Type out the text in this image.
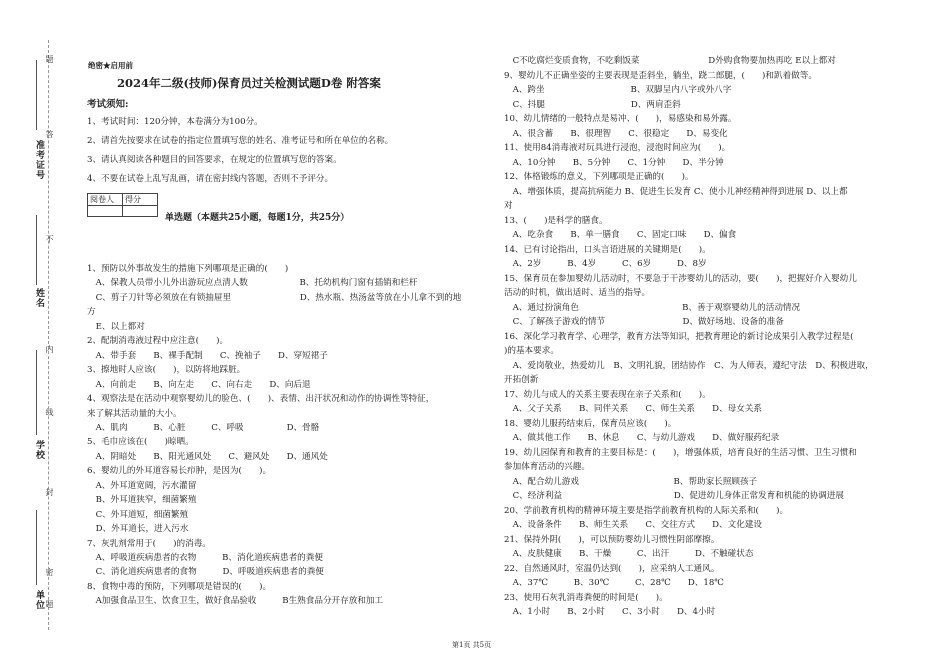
题
答
不
内
线
封
密
题
准考证号
姓名
学校
单位
绝密★启用前
2024年二级(技师)保育员过关检测试题D卷 附答案
考试须知:
1、考试时间：120分钟，本卷满分为100分。
2、请首先按要求在试卷的指定位置填写您的姓名、准考证号和所在单位的名称。
3、请认真阅读各种题目的回答要求，在规定的位置填写您的答案。
4、不要在试卷上乱写乱画，请在密封线内答题，否则不予评分。
阅卷人	得分

单选题（本题共25小题，每题1分，共25分）
1、预防以外事故发生的措施下列哪项是正确的(　　)
　A、保教人员带小儿外出游玩应点清人数　　　　　　B、托幼机构门窗有插销和栏杆
　C、剪子刀针等必须放在有锁抽屉里　　　　　　　　D、热水瓶、热汤盆等放在小儿拿不到的地
方
　E、以上都对
2、配制消毒液过程中应注意(　　)。
　A、带手套　　B、裸手配制　　C、挽袖子　　D、穿短裙子
3、擦地时人应该(　　)，以防将地踩脏。
　A、向前走　　B、向左走　　C、向右走　　D、向后退
4、观察法是在活动中观察婴幼儿的脸色、(　　)、表情、出汗状况和动作的协调性等特征，
来了解其活动量的大小。
　A、肌肉　　　B、心脏　　　C、呼吸　　　　　D、骨骼
5、毛巾应该在(　　)晾晒。
　A、阴暗处　　B、阳光通风处　　C、避风处　　D、通风处
6、婴幼儿的外耳道容易长疖肿，是因为(　　)。
　A、外耳道宽阔，污水灌留
　B、外耳道狭窄，细菌繁殖
　C、外耳道短，细菌繁殖
　D、外耳道长，进入污水
7、灰乳剂常用于(　　)的消毒。
　A、呼吸道疾病患者的衣物　　　B、消化道疾病患者的粪便
　C、消化道疾病患者的食物　　　D、呼吸道疾病患者的粪便
8、食物中毒的预防，下列哪项是错误的(　　)。
　A加强食品卫生、饮食卫生，做好食品验收　　　B生熟食品分开存放和加工
　C不吃腐烂变质食物，不吃剩饭菜　　　　　　　　D外购食物要加热再吃 E以上都对
9、婴幼儿不正确坐姿的主要表现是歪斜坐，躺坐，跷二郎腿，(　　)和趴着做等。
　A、跨坐　　　　　　　　　　B、双脚呈内八字或外八字
　C、抖腿　　　　　　　　　　D、两肩歪斜
10、幼儿情绪的一般特点是易冲、(　　)，易感染和易外露。
　A、很含蓄　　B、很理智　　C、很稳定　　D、易变化
11、使用84消毒液对玩具进行浸泡，浸泡时间应为(　　)。
　A、10分钟　　B、5分钟　　C、1分钟　　D、半分钟
12、体格锻炼的意义，下列哪项是正确的(　　)。
　A、增强体质，提高抗病能力 B、促进生长发育 C、使小儿神经精神得到进展 D、以上都
对
13、(　　)是科学的膳食。
　A、吃杂食　　B、单一膳食　　C、固定口味　　D、偏食
14、已有讨论指出，口头言语进展的关键期是(　　)。
　A、2岁　　　B、4岁　　　C、6岁　　　D、8岁
15、保育员在参加婴幼儿活动时，不要急于干涉婴幼儿的活动，要(　　)，把握好介入婴幼儿
活动的时机，做出适时、适当的指导。
　A、通过扮演角色　　　　　　　　　　　　B、善于观察婴幼儿的活动情况
　C、了解孩子游戏的情节　　　　　　　　　D、做好场地、设备的准备
16、深化学习教育学、心理学，教育方法等知识，把教育理论的新讨论成果引入教学过程是(
)的基本要求。
　A、爱岗敬业，热爱幼儿　B、文明礼貌，团结协作　C、为人师表，遵纪守法　D、积极进取，
开拓创新
17、幼儿与成人的关系主要表现在亲子关系和(　　)。
　A、父子关系　　B、同伴关系　　C、师生关系　　D、母女关系
18、婴幼儿服药结束后，保育员应该(　　)。
　A、做其他工作　　B、休息　　C、与幼儿游戏　　D、做好服药纪录
19、幼儿园保育和教育的主要目标是：(　　)，增强体质，培育良好的生活习惯、卫生习惯和
参加体育活动的兴趣。
　A、配合幼儿游戏　　　　　　　　　　　B、帮助家长照顾孩子
　C、经济利益　　　　　　　　　　　　　D、促进幼儿身体正常发育和机能的协调进展
20、学前教育机构的精神环境主要是指学前教育机构的人际关系和(　　)。
　A、设备条件　　B、师生关系　　C、交往方式　　D、文化建设
21、保持外阴(　　)，可以预防婴幼儿习惯性阴部摩擦。
　A、皮肤健康　　B、干燥　　　C、出汗　　　D、不触碰状态
22、自然通风时，室温仍达到(　　)，应采纳人工通风。
　A、37℃　　　B、30℃　　　C、28℃　　D、18℃
23、使用石灰乳消毒粪便的时间是(　　)。
　A、1小时　　B、2小时　　C、3小时　　D、4小时
第1页 共5页
